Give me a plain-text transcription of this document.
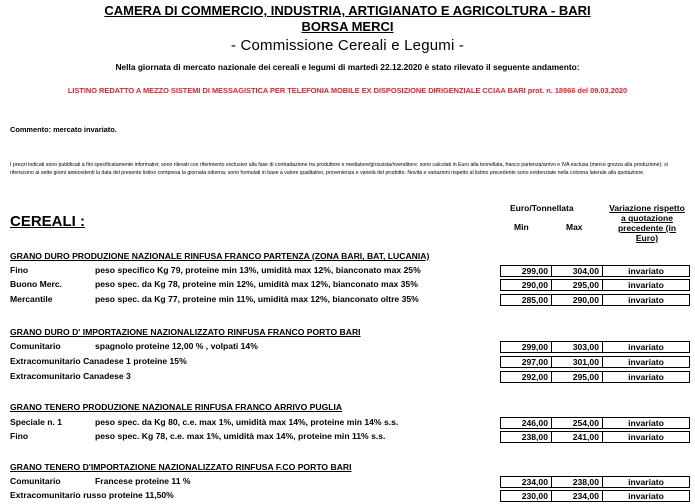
CAMERA DI COMMERCIO, INDUSTRIA, ARTIGIANATO E AGRICOLTURA - BARI
BORSA MERCI
- Commissione Cereali e Legumi -
Nella giornata di mercato nazionale dei cereali e legumi di martedì 22.12.2020 è stato rilevato il seguente andamento:
LISTINO REDATTO A MEZZO SISTEMI DI MESSAGISTICA PER TELEFONIA MOBILE EX DISPOSIZIONE DIRIGENZIALE CCIAA BARI prot. n. 18966 del 09.03.2020
Commento: mercato invariato.
I prezzi indicati sono pubblicati a fini specificatamente informativi; sono rilevati con riferimento esclusivo alla fase di contrattazione tra produttore e mediatore/grossista/rivenditore; sono calcolati in Euro alla tonnellata, franco partenza/arrivo e IVA esclusa (merce grezza alla produzione); si riferiscono ai sette giorni antecedenti la data del presente listino compresa la giornata odierna; sono formulati in base a valore qualitativo, provenienza e varietà del prodotto. Novità e variazioni rispetto al listino precedente sono evidenziate nella colonna laterale alla quotazione.
CEREALI :
Euro/Tonnellata
Min	Max
Variazione rispetto a quotazione precedente (in Euro)
GRANO DURO PRODUZIONE NAZIONALE RINFUSA FRANCO PARTENZA (ZONA BARI, BAT, LUCANIA)
Fino	peso specifico Kg 79, proteine min 13%, umidità max 12%, bianconato max 25%	299,00	304,00	invariato
Buono Merc.	peso spec. da Kg 78, proteine min 12%, umidità max 12%, bianconato max 35%	290,00	295,00	invariato
Mercantile	peso spec. da Kg 77, proteine min 11%, umidità max 12%, bianconato oltre 35%	285,00	290,00	invariato
GRANO DURO D' IMPORTAZIONE NAZIONALIZZATO RINFUSA FRANCO PORTO BARI
Comunitario	spagnolo proteine 12,00 % , volpati 14%	299,00	303,00	invariato
Extracomunitario Canadese 1 proteine 15%	297,00	301,00	invariato
Extracomunitario Canadese 3	292,00	295,00	invariato
GRANO TENERO PRODUZIONE NAZIONALE RINFUSA FRANCO ARRIVO PUGLIA
Speciale n. 1	peso spec. da Kg 80, c.e. max 1%, umidità max 14%, proteine min 14% s.s.	246,00	254,00	invariato
Fino	peso spec. Kg 78, c.e. max 1%, umidità max 14%, proteine min 11% s.s.	238,00	241,00	invariato
GRANO TENERO D'IMPORTAZIONE NAZIONALIZZATO RINFUSA F.CO PORTO BARI
Comunitario	Francese proteine 11 %	234,00	238,00	invariato
Extracomunitario russo proteine 11,50%	230,00	234,00	invariato
